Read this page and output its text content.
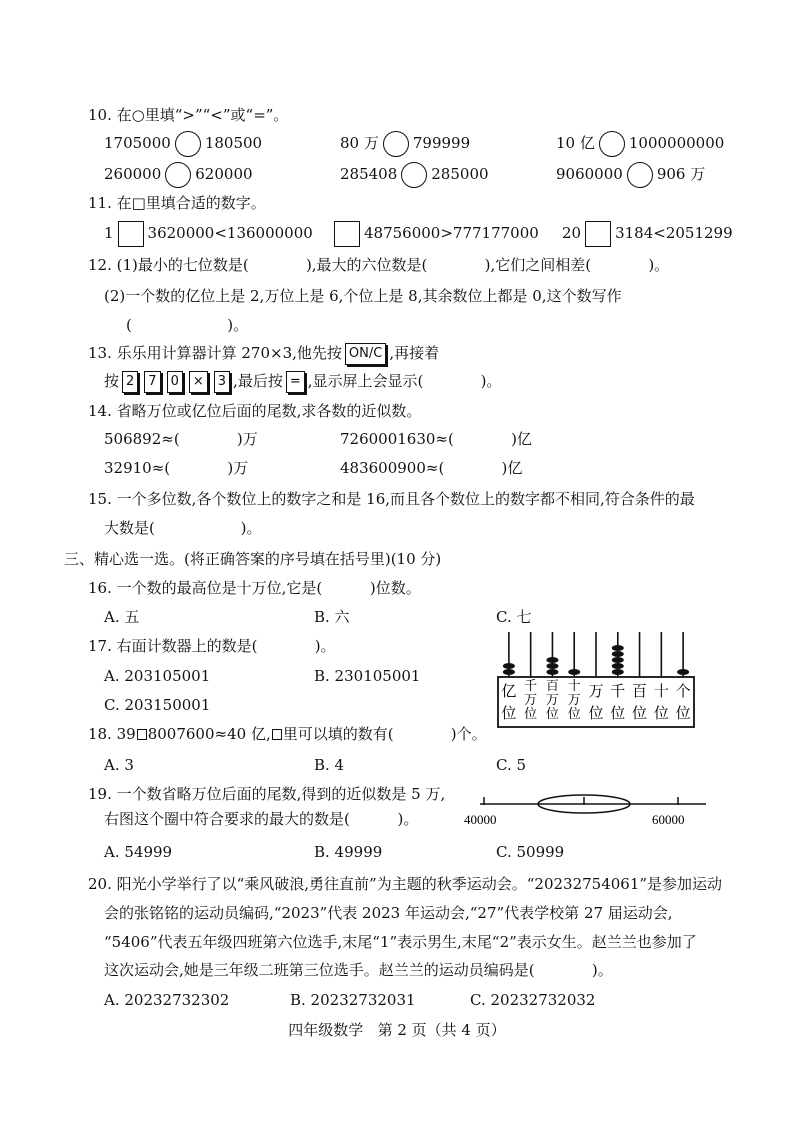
10. 在○里填“>”“<”或“=”。
1705000 180500	80 万 799999	10 亿 1000000000
260000 620000	285408 285000	9060000 906 万
11. 在□里填合适的数字。
1 3620000<136000000	48756000>777177000 20 3184<2051299
12. (1)最小的七位数是(            ),最大的六位数是(            ),它们之间相差(            )。
(2)一个数的亿位上是 2,万位上是 6,个位上是 8,其余数位上都是 0,这个数写作
(                    )。
13. 乐乐用计算器计算 270×3,他先按 ON/C ,再接着
按 2 7 0 × 3 ,最后按 = ,显示屏上会显示(            )。
14. 省略万位或亿位后面的尾数,求各数的近似数。
506892≈(            )万	7260001630≈(            )亿
32910≈(            )万	483600900≈(            )亿
15. 一个多位数,各个数位上的数字之和是 16,而且各个数位上的数字都不相同,符合条件的最
大数是(                  )。
三、精心选一选。(将正确答案的序号填在括号里)(10 分)
16. 一个数的最高位是十万位,它是(          )位数。
A. 五	B. 六	C. 七
17. 右面计数器上的数是(            )。
A. 203105001	B. 230105001
C. 203150001
亿
位
千
万
位
百
万
位
十
万
位
万
位
千
位
百
位
十
位
个
位
18. 39 8007600≈40 亿, 里可以填的数有(            )个。
A. 3	B. 4	C. 5
19. 一个数省略万位后面的尾数,得到的近似数是 5 万,
右图这个圈中符合要求的最大的数是(          )。
A. 54999	B. 49999	C. 50999
40000	60000
20. 阳光小学举行了以“乘风破浪,勇往直前”为主题的秋季运动会。“20232754061”是参加运动
会的张铭铭的运动员编码,“2023”代表 2023 年运动会,“27”代表学校第 27 届运动会,
“5406”代表五年级四班第六位选手,末尾“1”表示男生,末尾“2”表示女生。赵兰兰也参加了
这次运动会,她是三年级二班第三位选手。赵兰兰的运动员编码是(            )。
A. 20232732302	B. 20232732031	C. 20232732032
四年级数学   第 2 页（共 4 页）
